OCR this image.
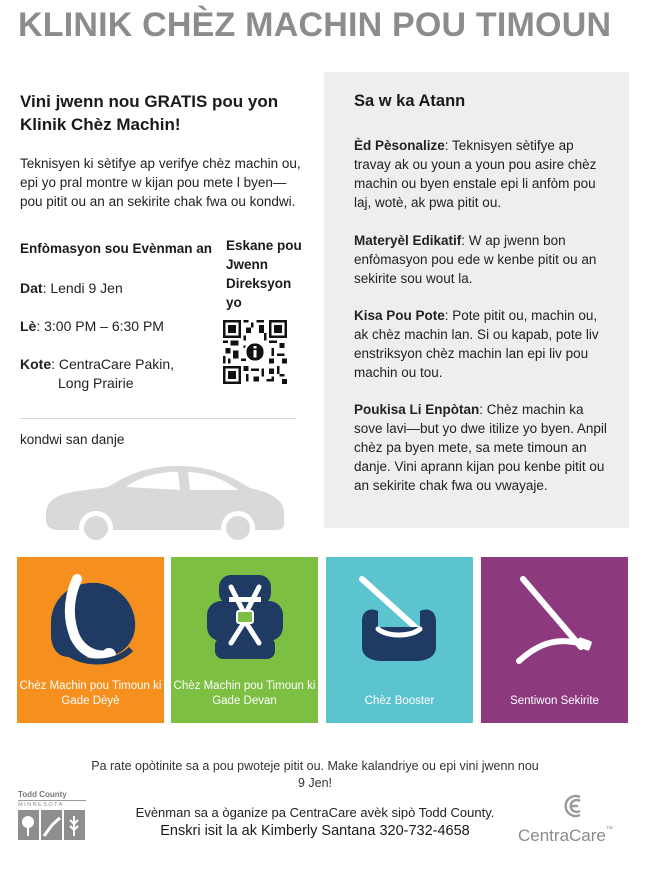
KLINIK CHÈZ MACHIN POU TIMOUN
Vini jwenn nou GRATIS pou yon Klinik Chèz Machin!
Teknisyen ki sètifye ap verifye chèz machin ou, epi yo pral montre w kijan pou mete l byen— pou pitit ou an an sekirite chak fwa ou kondwi.
Enfòmasyon sou Evènman an
Dat: Lendi 9 Jen
Lè: 3:00 PM – 6:30 PM
Kote: CentraCare Pakin,
Long Prairie
Eskane pou Jwenn Direksyon yo
kondwi san danje
Sa w ka Atann
Èd Pèsonalize: Teknisyen sètifye ap travay ak ou youn a youn pou asire chèz machin ou byen enstale epi li anfòm pou laj, wotè, ak pwa pitit ou.
Materyèl Edikatif: W ap jwenn bon enfòmasyon pou ede w kenbe pitit ou an sekirite sou wout la.
Kisa Pou Pote: Pote pitit ou, machin ou, ak chèz machin lan. Si ou kapab, pote liv enstriksyon chèz machin lan epi liv pou machin ou tou.
Poukisa Li Enpòtan: Chèz machin ka sove lavi—but yo dwe itilize yo byen. Anpil chèz pa byen mete, sa mete timoun an danje. Vini aprann kijan pou kenbe pitit ou an sekirite chak fwa ou vwayaje.
Chèz Machin pou Timoun ki Gade Dèyè
Chèz Machin pou Timoun ki Gade Devan	Chèz Booster	Sentiwon Sekirite
Pa rate opòtinite sa a pou pwoteje pitit ou. Make kalandriye ou epi vini jwenn nou 9 Jen!
Evènman sa a òganize pa CentraCare avèk sipò Todd County.
Enskri isit la ak Kimberly Santana 320-732-4658
Todd County
MINNESOTA
CentraCare™
